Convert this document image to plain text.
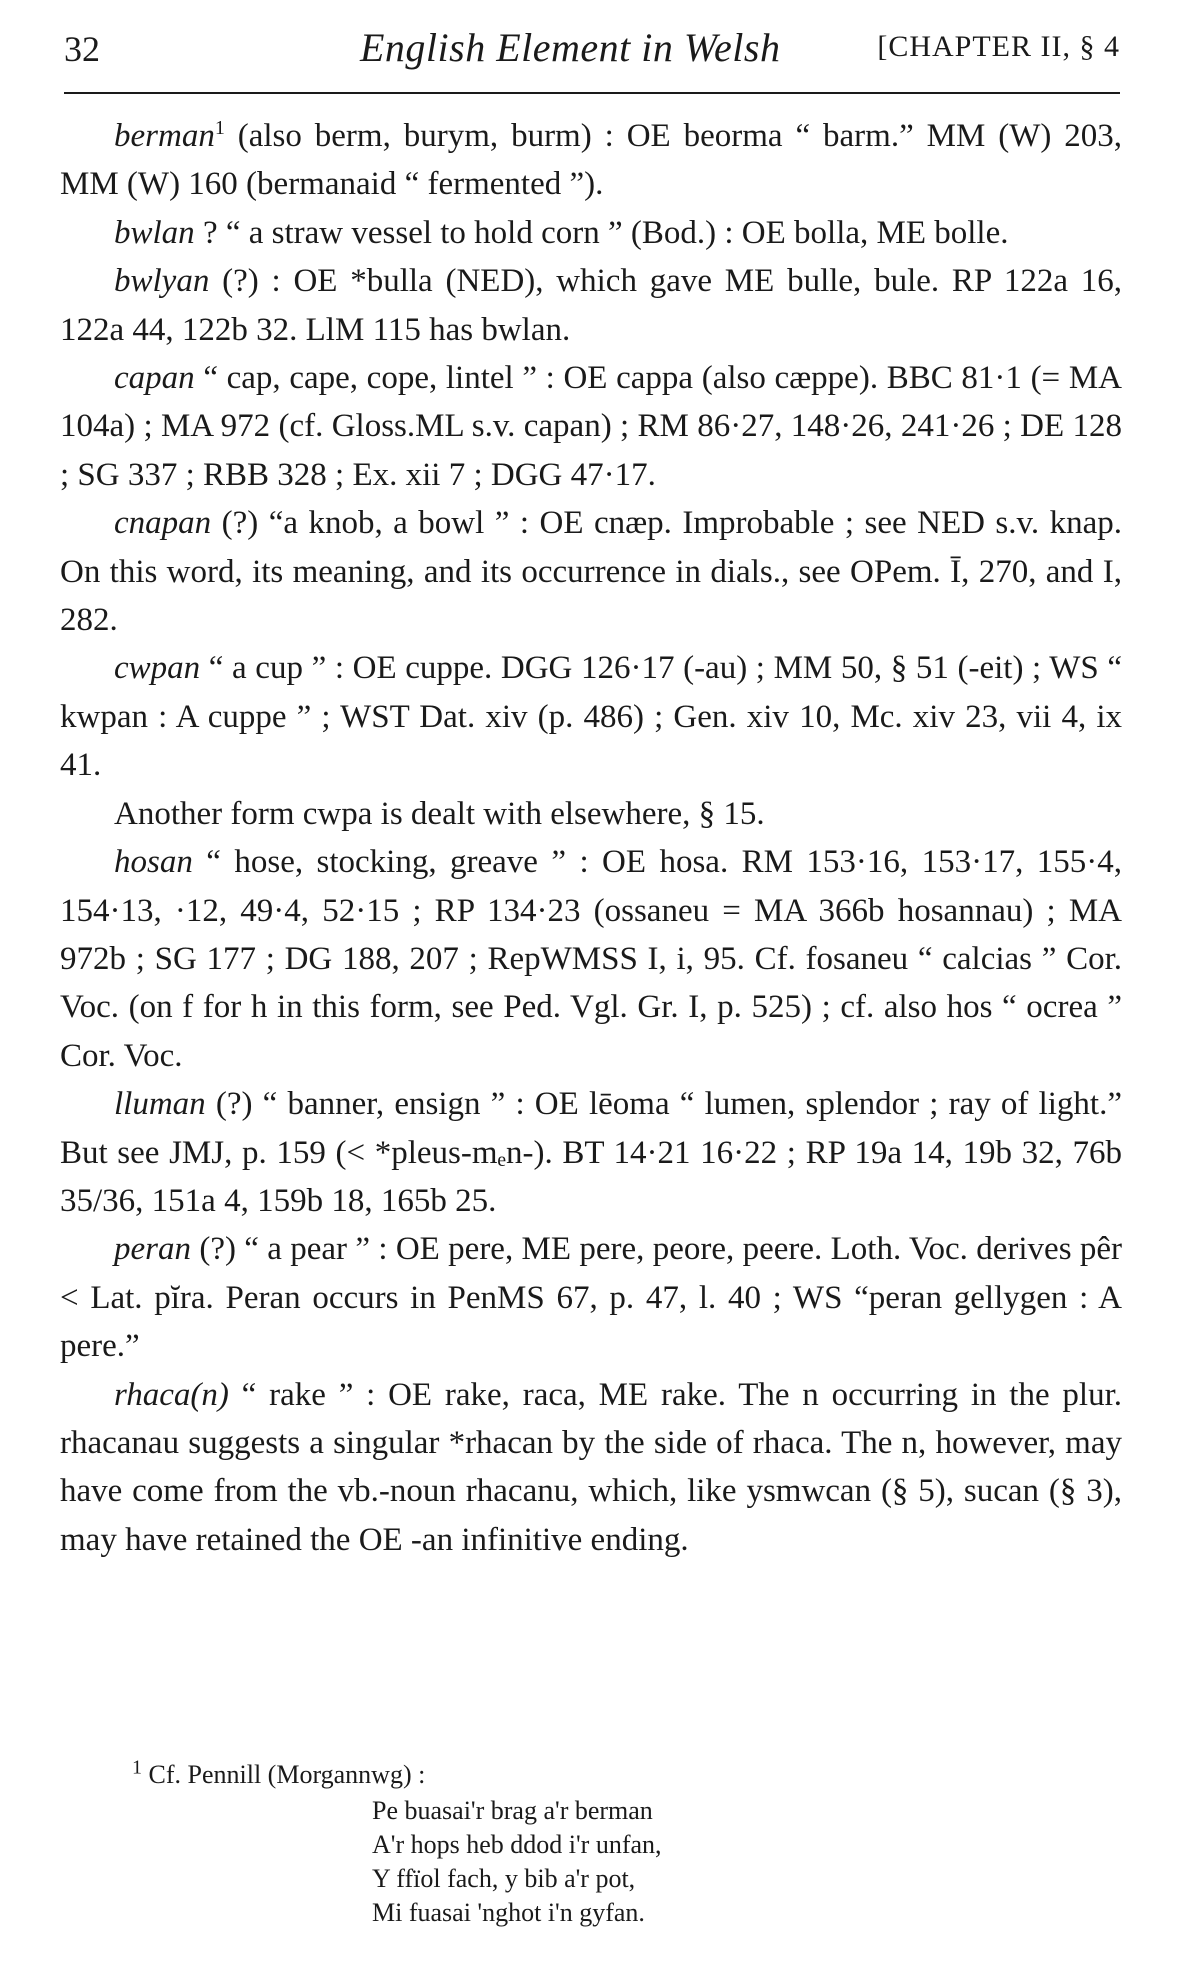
32	English Element in Welsh	[CHAPTER II, § 4

berman$^1$ (also berm, burym, burm) : OE beorma “ barm.” MM (W) 203, MM (W) 160 (bermanaid “ fermented ”).

bwlan ? “ a straw vessel to hold corn ” (Bod.) : OE bolla, ME bolle.

bwlyan (?) : OE *bulla (NED), which gave ME bulle, bule. RP 122a 16, 122a 44, 122b 32. LlM 115 has bwlan.

capan “ cap, cape, cope, lintel ” : OE cappa (also cæppe). BBC 81·1 (= MA 104a) ; MA 972 (cf. Gloss.ML s.v. capan) ; RM 86·27, 148·26, 241·26 ; DE 128 ; SG 337 ; RBB 328 ; Ex. xii 7 ; DGG 47·17.

cnapan (?) “a knob, a bowl ” : OE cnæp. Improbable ; see NED s.v. knap. On this word, its meaning, and its occurrence in dials., see OPem. Ī, 270, and I, 282.

cwpan “ a cup ” : OE cuppe. DGG 126·17 (-au) ; MM 50, § 51 (-eit) ; WS “ kwpan : A cuppe ” ; WST Dat. xiv (p. 486) ; Gen. xiv 10, Mc. xiv 23, vii 4, ix 41.

Another form cwpa is dealt with elsewhere, § 15.

hosan “ hose, stocking, greave ” : OE hosa. RM 153·16, 153·17, 155·4, 154·13, ·12, 49·4, 52·15 ; RP 134·23 (ossaneu = MA 366b hosannau) ; MA 972b ; SG 177 ; DG 188, 207 ; RepWMSS I, i, 95. Cf. fosaneu “ calcias ” Cor. Voc. (on f for h in this form, see Ped. Vgl. Gr. I, p. 525) ; cf. also hos “ ocrea ” Cor. Voc.

lluman (?) “ banner, ensign ” : OE lēoma “ lumen, splendor ; ray of light.” But see JMJ, p. 159 (< *pleus-mₑn-). BT 14·21 16·22 ; RP 19a 14, 19b 32, 76b 35/36, 151a 4, 159b 18, 165b 25.

peran (?) “ a pear ” : OE pere, ME pere, peore, peere. Loth. Voc. derives pêr < Lat. pĭra. Peran occurs in PenMS 67, p. 47, l. 40 ; WS “peran gellygen : A pere.”

rhaca(n) “ rake ” : OE rake, raca, ME rake. The n occurring in the plur. rhacanau suggests a singular *rhacan by the side of rhaca. The n, however, may have come from the vb.-noun rhacanu, which, like ysmwcan (§ 5), sucan (§ 3), may have retained the OE -an infinitive ending.

$^1$ Cf. Pennill (Morgannwg) :
Pe buasai'r brag a'r berman
A'r hops heb ddod i'r unfan,
Y ffïol fach, y bib a'r pot,
Mi fuasai 'nghot i'n gyfan.
